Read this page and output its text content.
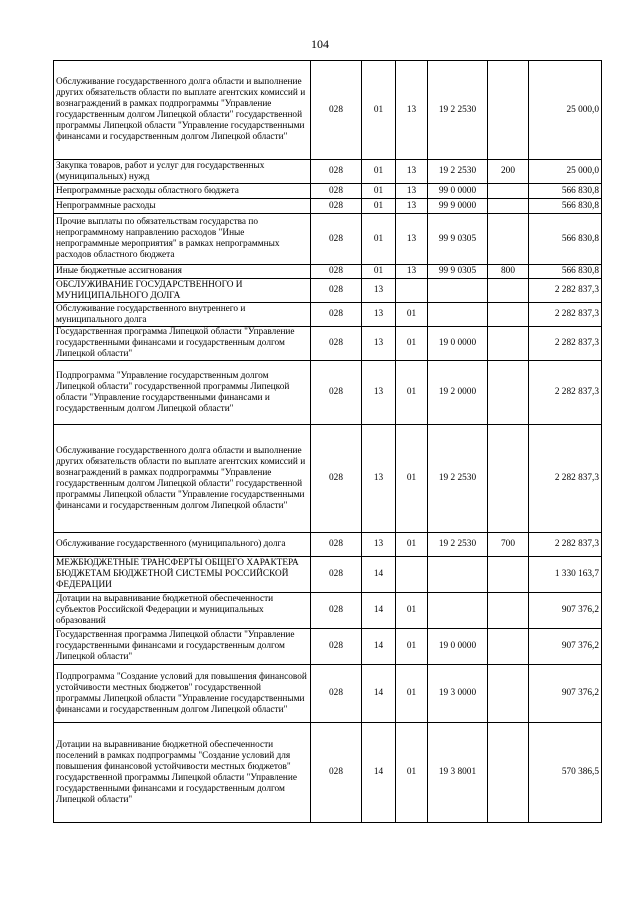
104
Обслуживание государственного долга области и выполнение других обязательств области по выплате агентских комиссий и вознаграждений в рамках подпрограммы "Управление государственным долгом Липецкой области" государственной программы Липецкой области "Управление государственными финансами и государственным долгом Липецкой области"	028	01	13	19 2 2530		25 000,0
Закупка товаров, работ и услуг для государственных (муниципальных) нужд	028	01	13	19 2 2530	200	25 000,0
Непрограммные расходы областного бюджета	028	01	13	99 0 0000		566 830,8
Непрограммные расходы	028	01	13	99 9 0000		566 830,8
Прочие выплаты по обязательствам государства по непрограммному направлению расходов "Иные непрограммные мероприятия" в рамках непрограммных расходов областного бюджета	028	01	13	99 9 0305		566 830,8
Иные бюджетные ассигнования	028	01	13	99 9 0305	800	566 830,8
ОБСЛУЖИВАНИЕ ГОСУДАРСТВЕННОГО И МУНИЦИПАЛЬНОГО ДОЛГА	028	13				2 282 837,3
Обслуживание государственного внутреннего и муниципального долга	028	13	01			2 282 837,3
Государственная программа Липецкой области "Управление государственными финансами и государственным долгом Липецкой области"	028	13	01	19 0 0000		2 282 837,3
Подпрограмма "Управление государственным долгом Липецкой области" государственной программы Липецкой области "Управление государственными финансами и государственным долгом Липецкой области"	028	13	01	19 2 0000		2 282 837,3
Обслуживание государственного долга области и выполнение других обязательств области по выплате агентских комиссий и вознаграждений в рамках подпрограммы "Управление государственным долгом Липецкой области" государственной программы Липецкой области "Управление государственными финансами и государственным долгом Липецкой области"	028	13	01	19 2 2530		2 282 837,3
Обслуживание государственного (муниципального) долга	028	13	01	19 2 2530	700	2 282 837,3
МЕЖБЮДЖЕТНЫЕ ТРАНСФЕРТЫ ОБЩЕГО ХАРАКТЕРА БЮДЖЕТАМ БЮДЖЕТНОЙ СИСТЕМЫ РОССИЙСКОЙ ФЕДЕРАЦИИ	028	14				1 330 163,7
Дотации на выравнивание бюджетной обеспеченности субъектов Российской Федерации и муниципальных образований	028	14	01			907 376,2
Государственная программа Липецкой области "Управление государственными финансами и государственным долгом Липецкой области"	028	14	01	19 0 0000		907 376,2
Подпрограмма "Создание условий для повышения финансовой устойчивости местных бюджетов" государственной программы Липецкой области "Управление государственными финансами и государственным долгом Липецкой области"	028	14	01	19 3 0000		907 376,2
Дотации на выравнивание бюджетной обеспеченности поселений в рамках подпрограммы "Создание условий для повышения финансовой устойчивости местных бюджетов" государственной программы Липецкой области "Управление государственными финансами и государственным долгом Липецкой области"	028	14	01	19 3 8001		570 386,5
